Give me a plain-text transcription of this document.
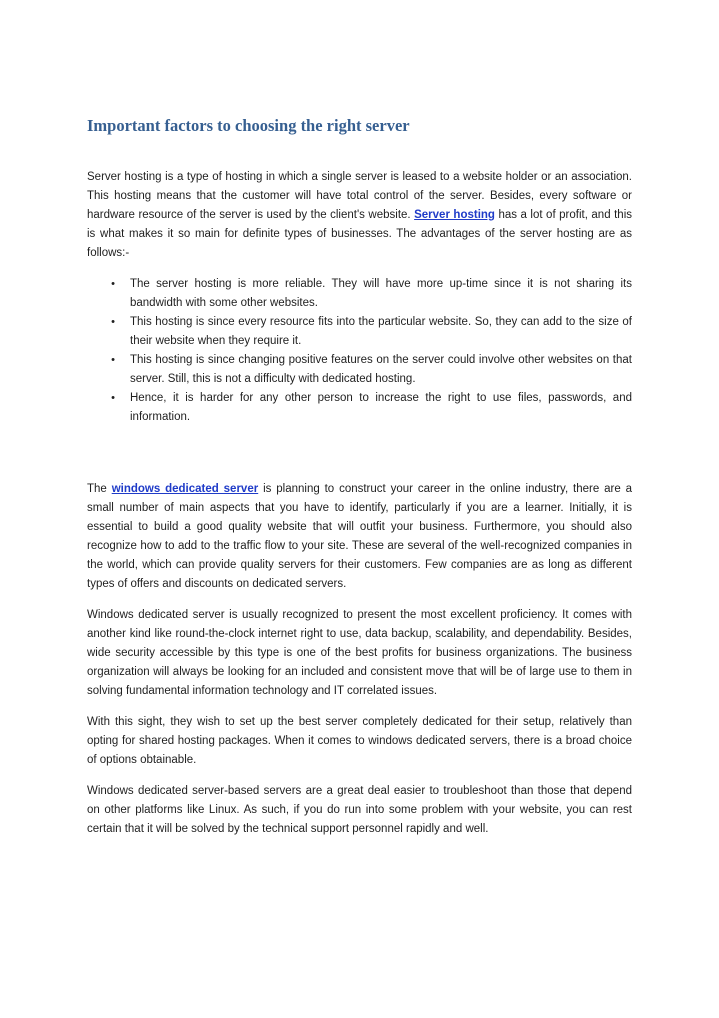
Important factors to choosing the right server

Server hosting is a type of hosting in which a single server is leased to a website holder or an association. This hosting means that the customer will have total control of the server. Besides, every software or hardware resource of the server is used by the client's website. Server hosting has a lot of profit, and this is what makes it so main for definite types of businesses. The advantages of the server hosting are as follows:-

• The server hosting is more reliable. They will have more up-time since it is not sharing its bandwidth with some other websites.
• This hosting is since every resource fits into the particular website. So, they can add to the size of their website when they require it.
• This hosting is since changing positive features on the server could involve other websites on that server. Still, this is not a difficulty with dedicated hosting.
• Hence, it is harder for any other person to increase the right to use files, passwords, and information.

The windows dedicated server is planning to construct your career in the online industry, there are a small number of main aspects that you have to identify, particularly if you are a learner. Initially, it is essential to build a good quality website that will outfit your business. Furthermore, you should also recognize how to add to the traffic flow to your site. These are several of the well-recognized companies in the world, which can provide quality servers for their customers. Few companies are as long as different types of offers and discounts on dedicated servers.

Windows dedicated server is usually recognized to present the most excellent proficiency. It comes with another kind like round-the-clock internet right to use, data backup, scalability, and dependability. Besides, wide security accessible by this type is one of the best profits for business organizations. The business organization will always be looking for an included and consistent move that will be of large use to them in solving fundamental information technology and IT correlated issues.

With this sight, they wish to set up the best server completely dedicated for their setup, relatively than opting for shared hosting packages. When it comes to windows dedicated servers, there is a broad choice of options obtainable.

Windows dedicated server-based servers are a great deal easier to troubleshoot than those that depend on other platforms like Linux. As such, if you do run into some problem with your website, you can rest certain that it will be solved by the technical support personnel rapidly and well.
